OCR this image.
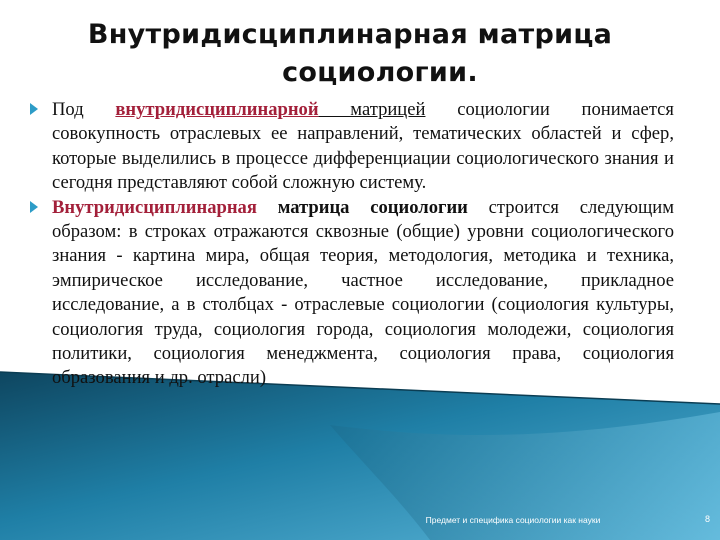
Внутридисциплинарная матрица
социологии.
Под внутридисциплинарной матрицей социологии понимается совокупность отраслевых ее направлений, тематических областей и сфер, которые выделились в процессе дифференциации социологического знания и сегодня представляют собой сложную систему.
Внутридисциплинарная матрица социологии строится следующим образом: в строках отражаются сквозные (общие) уровни социологического знания - картина мира, общая теория, методология, методика и техника, эмпирическое исследование, частное исследование, прикладное исследование, а в столбцах - отраслевые социологии (социология культуры, социология труда, социология города, социология молодежи, социология политики, социология менеджмента, социология права, социология образования и др. отрасли)
Предмет и специфика социологии как науки	8
